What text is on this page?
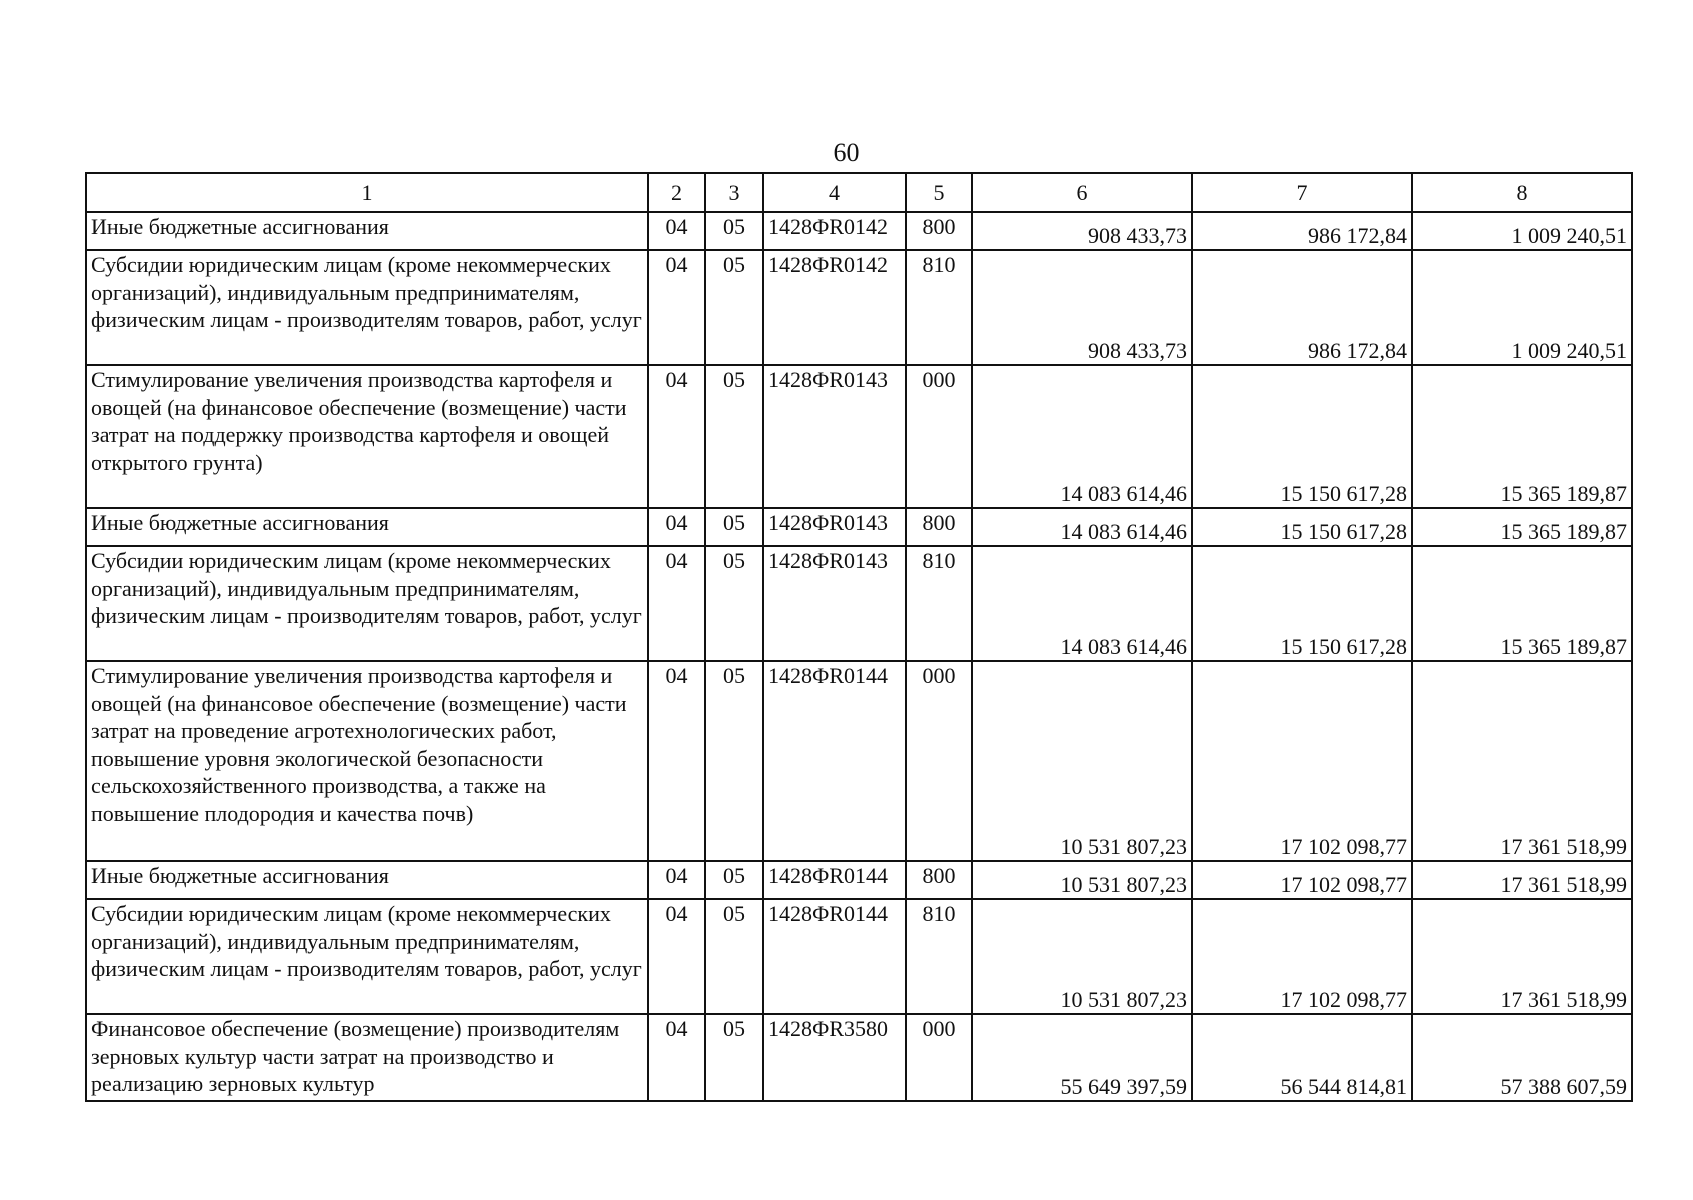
60
1	2	3	4	5	6	7	8
Иные бюджетные ассигнования	04	05	1428ФR0142	800	908 433,73	986 172,84	1 009 240,51
Субсидии юридическим лицам (кроме некоммерческих организаций), индивидуальным предпринимателям, физическим лицам - производителям товаров, работ, услуг	04	05	1428ФR0142	810	908 433,73	986 172,84	1 009 240,51
Стимулирование увеличения производства картофеля и овощей (на финансовое обеспечение (возмещение) части затрат на поддержку производства картофеля и овощей открытого грунта)	04	05	1428ФR0143	000	14 083 614,46	15 150 617,28	15 365 189,87
Иные бюджетные ассигнования	04	05	1428ФR0143	800	14 083 614,46	15 150 617,28	15 365 189,87
Субсидии юридическим лицам (кроме некоммерческих организаций), индивидуальным предпринимателям, физическим лицам - производителям товаров, работ, услуг	04	05	1428ФR0143	810	14 083 614,46	15 150 617,28	15 365 189,87
Стимулирование увеличения производства картофеля и овощей (на финансовое обеспечение (возмещение) части затрат на проведение агротехнологических работ, повышение уровня экологической безопасности сельскохозяйственного производства, а также на повышение плодородия и качества почв)	04	05	1428ФR0144	000	10 531 807,23	17 102 098,77	17 361 518,99
Иные бюджетные ассигнования	04	05	1428ФR0144	800	10 531 807,23	17 102 098,77	17 361 518,99
Субсидии юридическим лицам (кроме некоммерческих организаций), индивидуальным предпринимателям, физическим лицам - производителям товаров, работ, услуг	04	05	1428ФR0144	810	10 531 807,23	17 102 098,77	17 361 518,99
Финансовое обеспечение (возмещение) производителям зерновых культур части затрат на производство и реализацию зерновых культур	04	05	1428ФR3580	000	55 649 397,59	56 544 814,81	57 388 607,59
